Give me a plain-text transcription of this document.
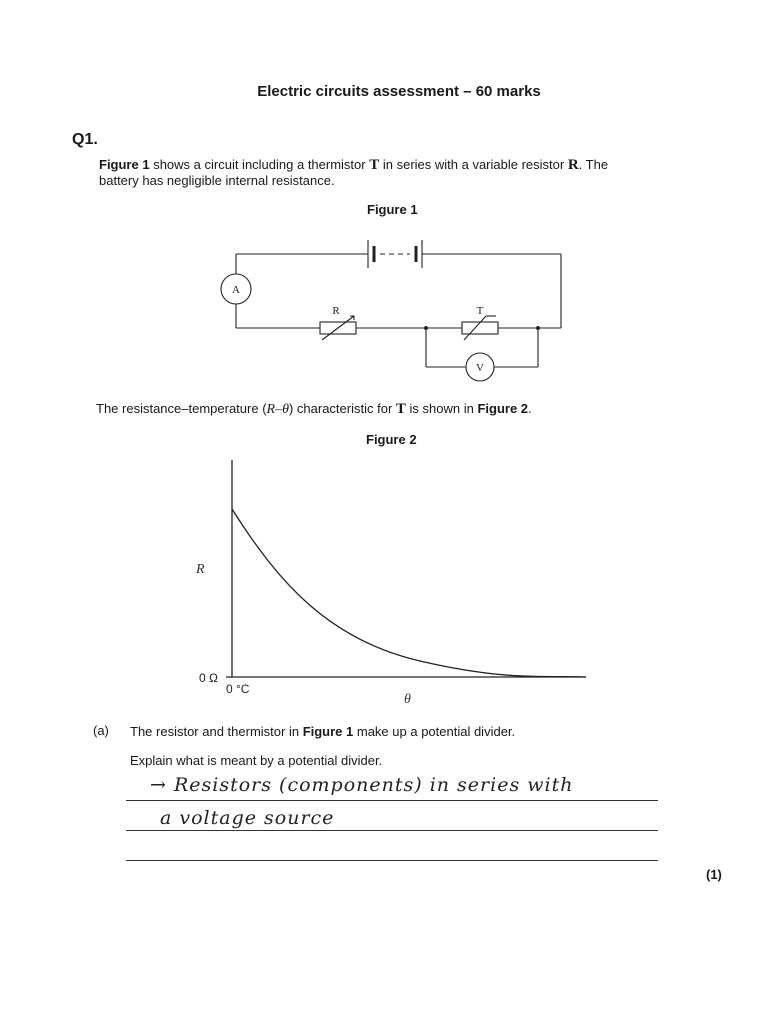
Electric circuits assessment – 60 marks
Q1.
Figure 1 shows a circuit including a thermistor T in series with a variable resistor R. The
battery has negligible internal resistance.
Figure 1
A
R	T
V
The resistance–temperature (R–θ) characteristic for T is shown in Figure 2.
Figure 2
R
0 Ω
0 °C
θ
(a) The resistor and thermistor in Figure 1 make up a potential divider.
Explain what is meant by a potential divider.
→ Resistors (components) in series with
a voltage source
(1)
